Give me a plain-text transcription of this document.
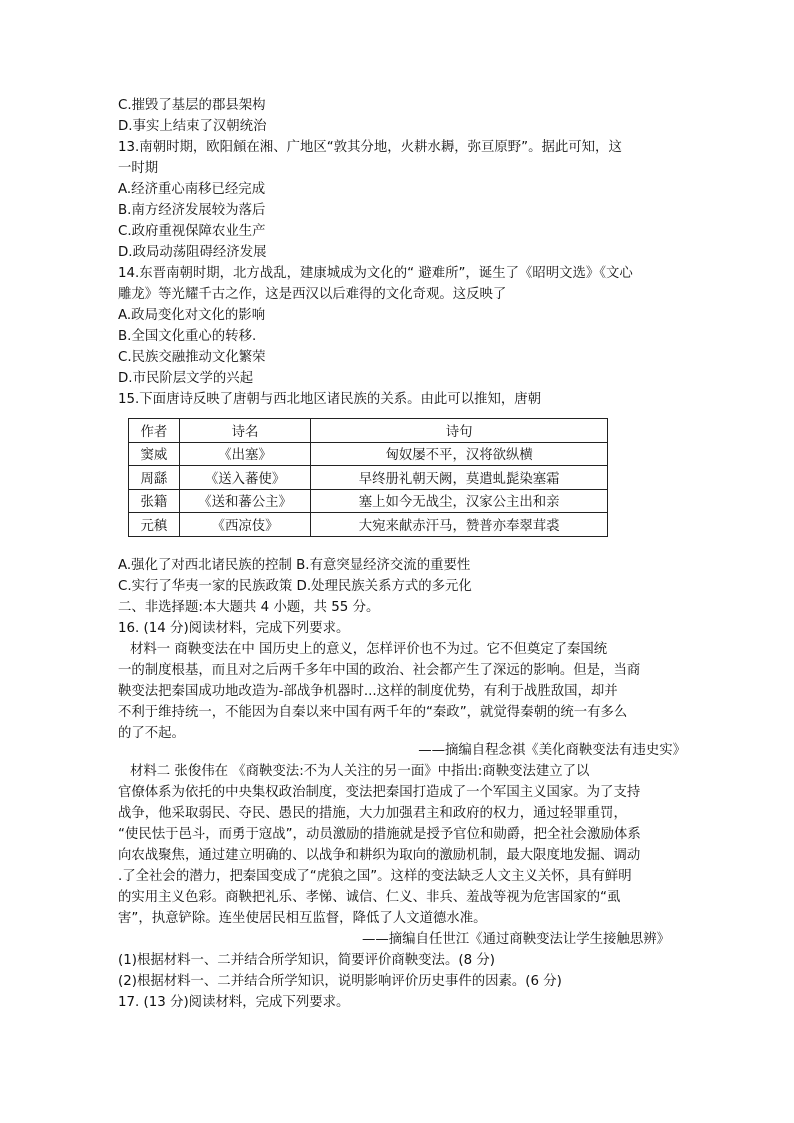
C.摧毁了基层的郡县架构
D.事实上结束了汉朝统治
13.南朝时期，欧阳頠在湘、广地区“敦其分地，火耕水耨，弥亘原野”。据此可知，这
一时期
A.经济重心南移已经完成
B.南方经济发展较为落后
C.政府重视保障农业生产
D.政局动荡阻碍经济发展
14.东晋南朝时期，北方战乱，建康城成为文化的“ 避难所”，诞生了《昭明文选》《文心
雕龙》等光耀千古之作，这是西汉以后难得的文化奇观。这反映了
A.政局变化对文化的影响
B.全国文化重心的转移.
C.民族交融推动文化繁荣
D.市民阶层文学的兴起
15.下面唐诗反映了唐朝与西北地区诸民族的关系。由此可以推知，唐朝
作者	诗名	诗句
窦威	《出塞》	匈奴屡不平，汉将欲纵横
周繇	《送入蕃使》	早终册礼朝天阙，莫遣虬髭染塞霜
张籍	《送和蕃公主》	塞上如今无战尘，汉家公主出和亲
元稹	《西凉伎》	大宛来献赤汗马，赞普亦奉翠茸裘
A.强化了对西北诸民族的控制 B.有意突显经济交流的重要性
C.实行了华夷一家的民族政策 D.处理民族关系方式的多元化
二、非选择题:本大题共 4 小题，共 55 分。
16. (14 分)阅读材料，完成下列要求。
材料一 商鞅变法在中 国历史上的意义，怎样评价也不为过。它不但奠定了秦国统
一的制度根基，而且对之后两千多年中国的政治、社会都产生了深远的影响。但是，当商
鞅变法把秦国成功地改造为-部战争机器时...这样的制度优势，有利于战胜敌国，却并
不利于维持统一，不能因为自秦以来中国有两千年的“秦政”，就觉得秦朝的统一有多么
的了不起。
——摘编自程念祺《美化商鞅变法有违史实》
材料二 张俊伟在 《商鞅变法:不为人关注的另一面》中指出:商鞅变法建立了以
官僚体系为依托的中央集权政治制度，变法把秦国打造成了一个军国主义国家。为了支持
战争，他采取弱民、夺民、愚民的措施，大力加强君主和政府的权力，通过轻罪重罚，
“使民怯于邑斗，而勇于寇战”，动员激励的措施就是授予官位和勋爵，把全社会激励体系
向农战聚焦，通过建立明确的、以战争和耕织为取向的激励机制，最大限度地发掘、调动
.了全社会的潜力，把秦国变成了“虎狼之国”。这样的变法缺乏人文主义关怀，具有鲜明
的实用主义色彩。商鞅把礼乐、孝悌、诚信、仁义、非兵、羞战等视为危害国家的“虱
害”，执意铲除。连坐使居民相互监督，降低了人文道德水准。
——摘编自任世江《通过商鞅变法让学生接触思辨》
(1)根据材料一、二并结合所学知识，简要评价商鞅变法。(8 分)
(2)根据材料一、二并结合所学知识，说明影响评价历史事件的因素。(6 分)
17. (13 分)阅读材料，完成下列要求。
